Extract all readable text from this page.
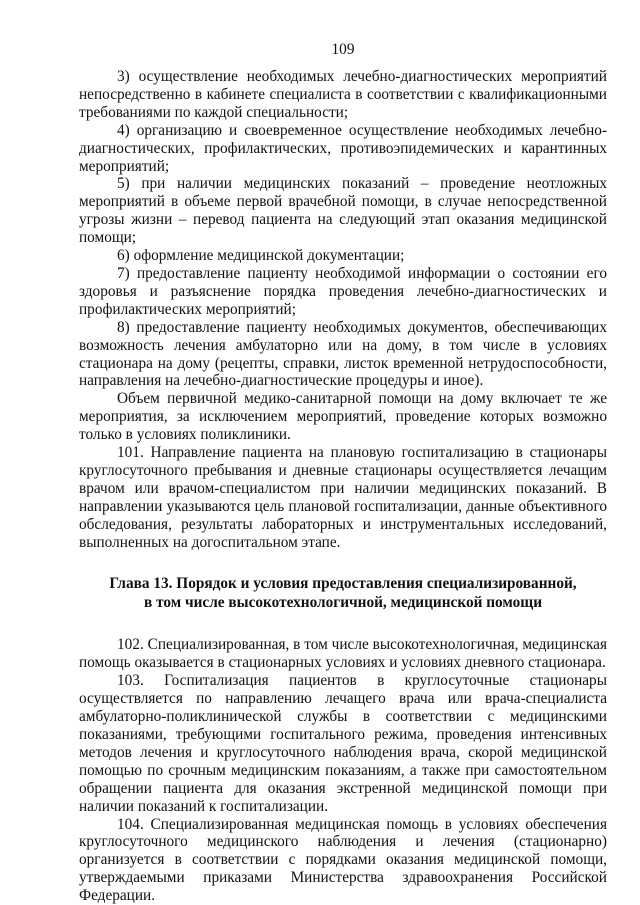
109

3) осуществление необходимых лечебно-диагностических мероприятий непосредственно в кабинете специалиста в соответствии с квалификационными требованиями по каждой специальности;

4) организацию и своевременное осуществление необходимых лечебно-диагностических, профилактических, противоэпидемических и карантинных мероприятий;

5) при наличии медицинских показаний – проведение неотложных мероприятий в объеме первой врачебной помощи, в случае непосредственной угрозы жизни – перевод пациента на следующий этап оказания медицинской помощи;

6) оформление медицинской документации;

7) предоставление пациенту необходимой информации о состоянии его здоровья и разъяснение порядка проведения лечебно-диагностических и профилактических мероприятий;

8) предоставление пациенту необходимых документов, обеспечивающих возможность лечения амбулаторно или на дому, в том числе в условиях стационара на дому (рецепты, справки, листок временной нетрудоспособности, направления на лечебно-диагностические процедуры и иное).

Объем первичной медико-санитарной помощи на дому включает те же мероприятия, за исключением мероприятий, проведение которых возможно только в условиях поликлиники.

101. Направление пациента на плановую госпитализацию в стационары круглосуточного пребывания и дневные стационары осуществляется лечащим врачом или врачом-специалистом при наличии медицинских показаний. В направлении указываются цель плановой госпитализации, данные объективного обследования, результаты лабораторных и инструментальных исследований, выполненных на догоспитальном этапе.

Глава 13. Порядок и условия предоставления специализированной,
в том числе высокотехнологичной, медицинской помощи

102. Специализированная, в том числе высокотехнологичная, медицинская помощь оказывается в стационарных условиях и условиях дневного стационара.

103. Госпитализация пациентов в круглосуточные стационары осуществляется по направлению лечащего врача или врача-специалиста амбулаторно-поликлинической службы в соответствии с медицинскими показаниями, требующими госпитального режима, проведения интенсивных методов лечения и круглосуточного наблюдения врача, скорой медицинской помощью по срочным медицинским показаниям, а также при самостоятельном обращении пациента для оказания экстренной медицинской помощи при наличии показаний к госпитализации.

104. Специализированная медицинская помощь в условиях обеспечения круглосуточного медицинского наблюдения и лечения (стационарно) организуется в соответствии с порядками оказания медицинской помощи, утверждаемыми приказами Министерства здравоохранения Российской Федерации.
